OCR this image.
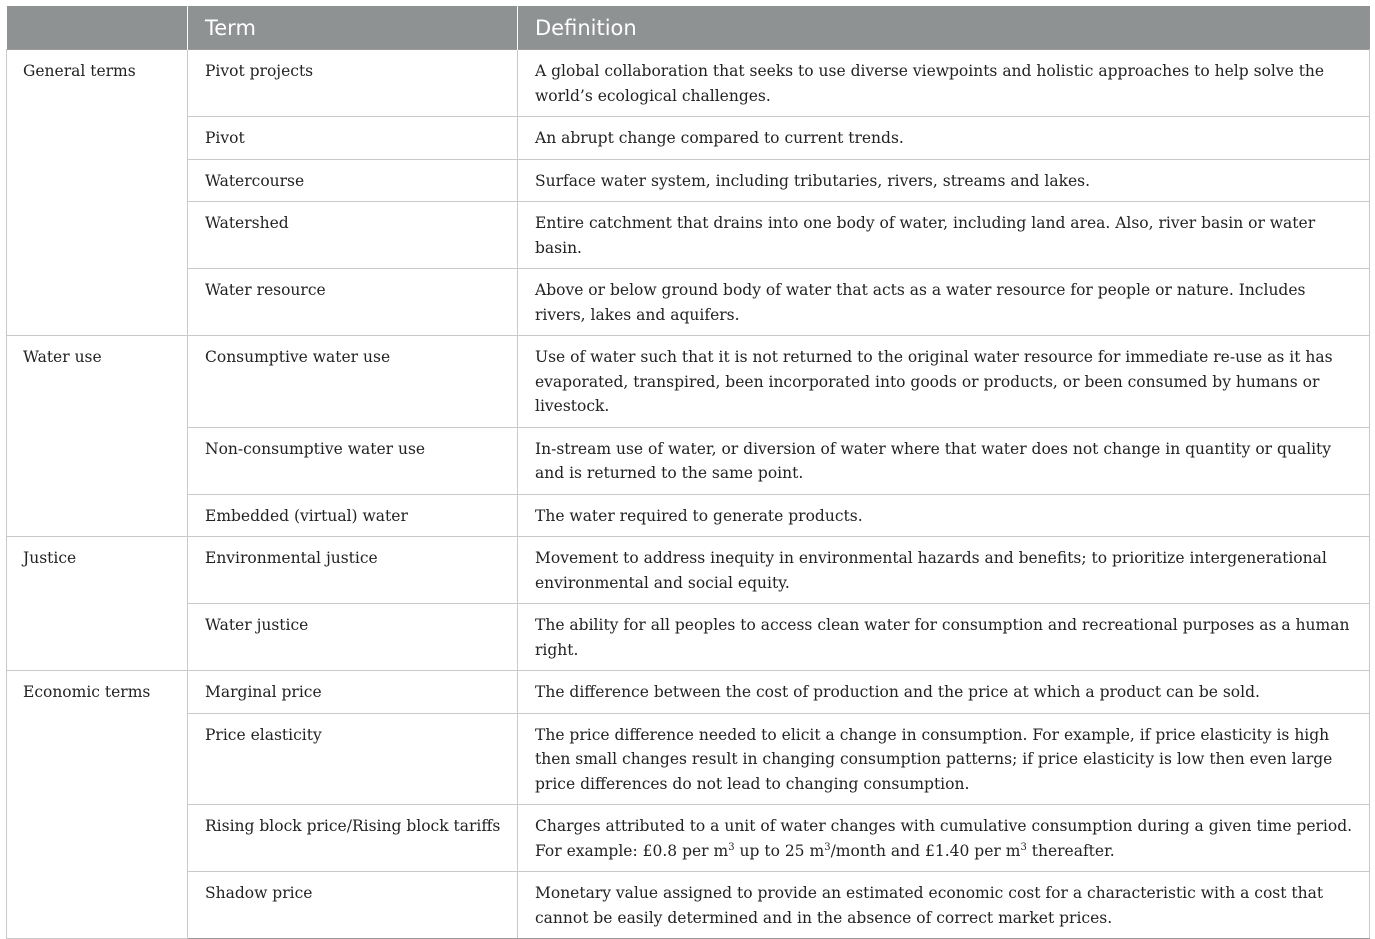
	Term	Definition
General terms	Pivot projects	A global collaboration that seeks to use diverse viewpoints and holistic approaches to help solve the world’s ecological challenges.
	Pivot	An abrupt change compared to current trends.
	Watercourse	Surface water system, including tributaries, rivers, streams and lakes.
	Watershed	Entire catchment that drains into one body of water, including land area. Also, river basin or water basin.
	Water resource	Above or below ground body of water that acts as a water resource for people or nature. Includes rivers, lakes and aquifers.
Water use	Consumptive water use	Use of water such that it is not returned to the original water resource for immediate re-use as it has evaporated, transpired, been incorporated into goods or products, or been consumed by humans or livestock.
	Non-consumptive water use	In-stream use of water, or diversion of water where that water does not change in quantity or quality and is returned to the same point.
	Embedded (virtual) water	The water required to generate products.
Justice	Environmental justice	Movement to address inequity in environmental hazards and benefits; to prioritize intergenerational environmental and social equity.
	Water justice	The ability for all peoples to access clean water for consumption and recreational purposes as a human right.
Economic terms	Marginal price	The difference between the cost of production and the price at which a product can be sold.
	Price elasticity	The price difference needed to elicit a change in consumption. For example, if price elasticity is high then small changes result in changing consumption patterns; if price elasticity is low then even large price differences do not lead to changing consumption.
	Rising block price/Rising block tariffs	Charges attributed to a unit of water changes with cumulative consumption during a given time period. For example: £0.8 per $m^3$ up to 25 $m^3$/month and £1.40 per $m^3$ thereafter.
	Shadow price	Monetary value assigned to provide an estimated economic cost for a characteristic with a cost that cannot be easily determined and in the absence of correct market prices.
